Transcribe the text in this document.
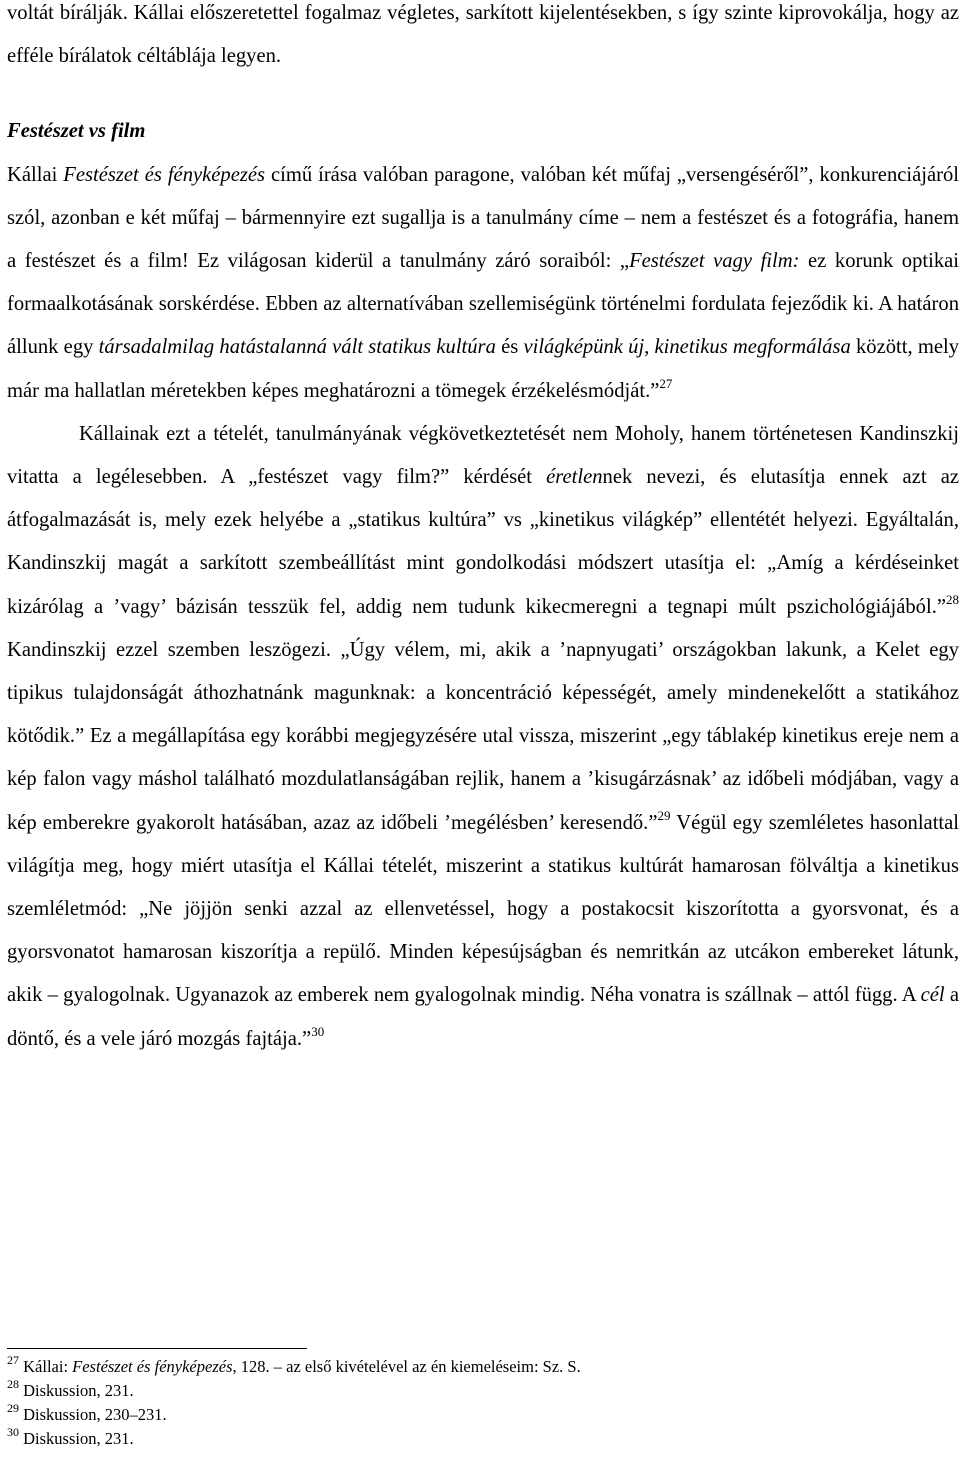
voltát bírálják. Kállai előszeretettel fogalmaz végletes, sarkított kijelentésekben, s így szinte kiprovokálja, hogy az efféle bírálatok céltáblája legyen.

Festészet vs film

Kállai Festészet és fényképezés című írása valóban paragone, valóban két műfaj „versengéséről”, konkurenciájáról szól, azonban e két műfaj – bármennyire ezt sugallja is a tanulmány címe – nem a festészet és a fotográfia, hanem a festészet és a film! Ez világosan kiderül a tanulmány záró soraiból: „Festészet vagy film: ez korunk optikai formaalkotásának sorskérdése. Ebben az alternatívában szellemiségünk történelmi fordulata fejeződik ki. A határon állunk egy társadalmilag hatástalanná vált statikus kultúra és világképünk új, kinetikus megformálása között, mely már ma hallatlan méretekben képes meghatározni a tömegek érzékelésmódját.”$^{27}$

Kállainak ezt a tételét, tanulmányának végkövetkeztetését nem Moholy, hanem történetesen Kandinszkij vitatta a legélesebben. A „festészet vagy film?” kérdését éretlennek nevezi, és elutasítja ennek azt az átfogalmazását is, mely ezek helyébe a „statikus kultúra” vs „kinetikus világkép” ellentétét helyezi. Egyáltalán, Kandinszkij magát a sarkított szembeállítást mint gondolkodási módszert utasítja el: „Amíg a kérdéseinket kizárólag a ’vagy’ bázisán tesszük fel, addig nem tudunk kikecmeregni a tegnapi múlt pszichológiájából.”$^{28}$ Kandinszkij ezzel szemben leszögezi. „Úgy vélem, mi, akik a ’napnyugati’ országokban lakunk, a Kelet egy tipikus tulajdonságát áthozhatnánk magunknak: a koncentráció képességét, amely mindenekelőtt a statikához kötődik.” Ez a megállapítása egy korábbi megjegyzésére utal vissza, miszerint „egy táblakép kinetikus ereje nem a kép falon vagy máshol található mozdulatlanságában rejlik, hanem a ’kisugárzásnak’ az időbeli módjában, vagy a kép emberekre gyakorolt hatásában, azaz az időbeli ’megélésben’ keresendő.”$^{29}$ Végül egy szemléletes hasonlattal világítja meg, hogy miért utasítja el Kállai tételét, miszerint a statikus kultúrát hamarosan fölváltja a kinetikus szemléletmód: „Ne jöjjön senki azzal az ellenvetéssel, hogy a postakocsit kiszorította a gyorsvonat, és a gyorsvonatot hamarosan kiszorítja a repülő. Minden képesújságban és nemritkán az utcákon embereket látunk, akik – gyalogolnak. Ugyanazok az emberek nem gyalogolnak mindig. Néha vonatra is szállnak – attól függ. A cél a döntő, és a vele járó mozgás fajtája.”$^{30}$

$^{27}$ Kállai: Festészet és fényképezés, 128. – az első kivételével az én kiemeléseim: Sz. S.

$^{28}$ Diskussion, 231.

$^{29}$ Diskussion, 230–231.

$^{30}$ Diskussion, 231.
